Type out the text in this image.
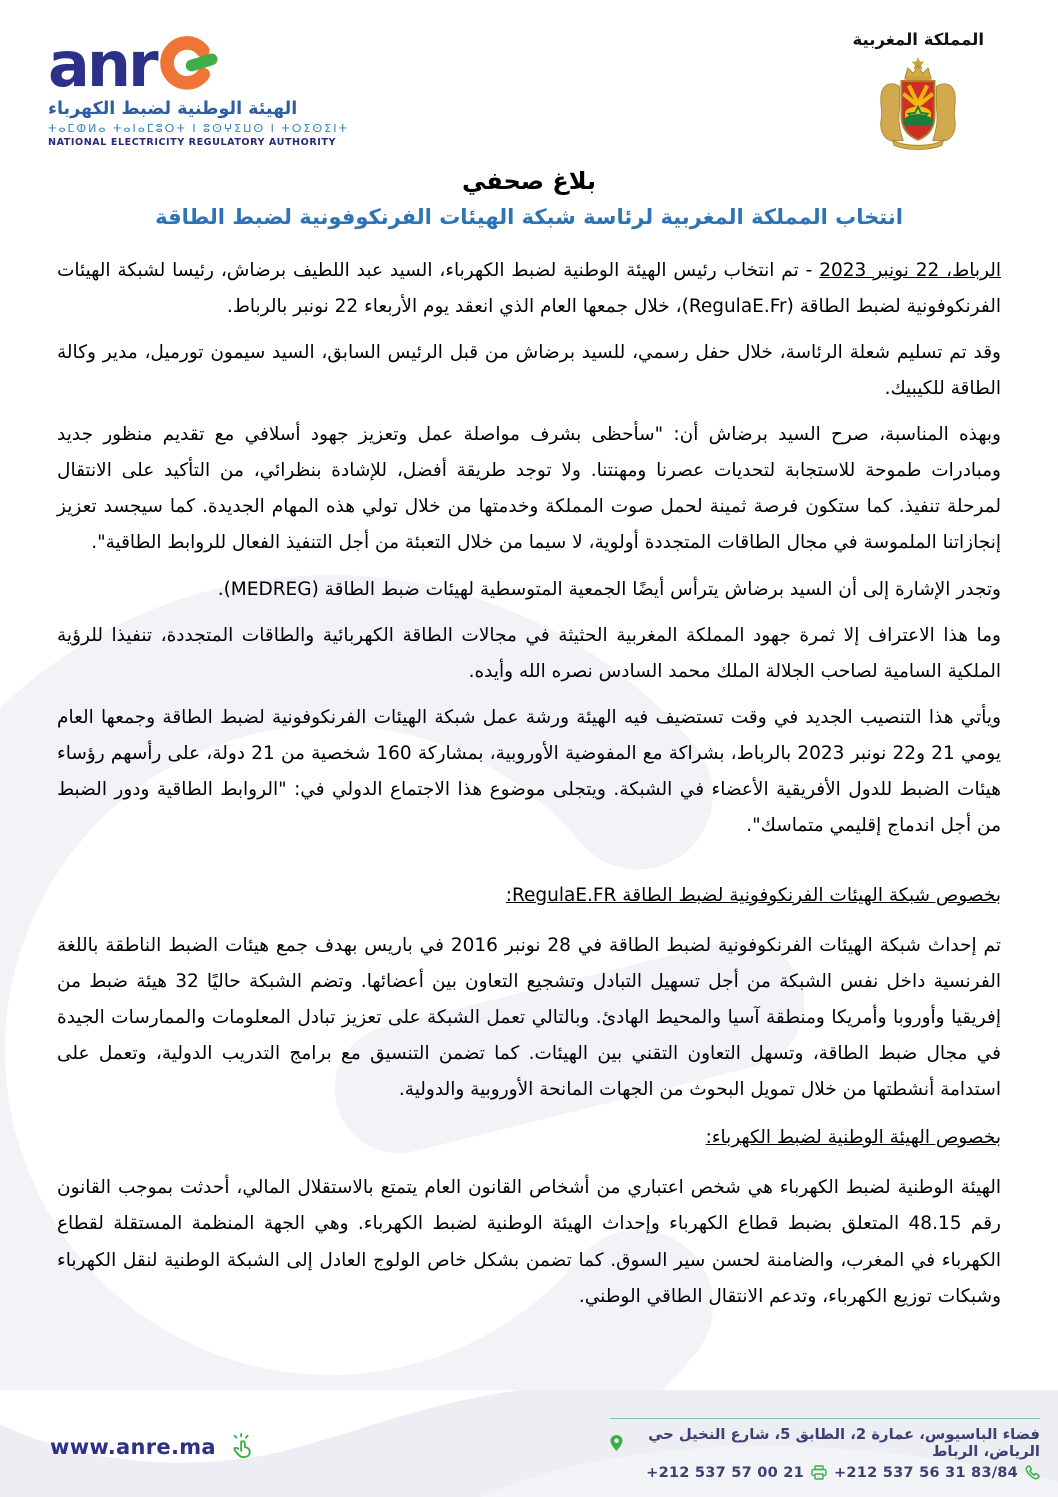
anr
الهيئة الوطنية لضبط الكهرباء
ⵜⴰⵎⵀⵍⴰ ⵜⴰⵏⴰⵎⵓⵔⵜ ⵏ ⵓⵙⵖⵉⵡⵙ ⵏ ⵜⵔⵉⵙⵉⵏⵜ
NATIONAL ELECTRICITY REGULATORY AUTHORITY
المملكة المغربية
بلاغ صحفي
انتخاب المملكة المغربية لرئاسة شبكة الهيئات الفرنكوفونية لضبط الطاقة

الرباط، 22 نونبر 2023 - تم انتخاب رئيس الهيئة الوطنية لضبط الكهرباء، السيد عبد اللطيف برضاش، رئيسا لشبكة الهيئات الفرنكوفونية لضبط الطاقة (RegulaE.Fr)، خلال جمعها العام الذي انعقد يوم الأربعاء 22 نونبر بالرباط.

وقد تم تسليم شعلة الرئاسة، خلال حفل رسمي، للسيد برضاش من قبل الرئيس السابق، السيد سيمون تورميل، مدير وكالة الطاقة للكيبيك.

وبهذه المناسبة، صرح السيد برضاش أن: "سأحظى بشرف مواصلة عمل وتعزيز جهود أسلافي مع تقديم منظور جديد ومبادرات طموحة للاستجابة لتحديات عصرنا ومهنتنا. ولا توجد طريقة أفضل، للإشادة بنظرائي، من التأكيد على الانتقال لمرحلة تنفيذ. كما ستكون فرصة ثمينة لحمل صوت المملكة وخدمتها من خلال تولي هذه المهام الجديدة. كما سيجسد تعزيز إنجازاتنا الملموسة في مجال الطاقات المتجددة أولوية، لا سيما من خلال التعبئة من أجل التنفيذ الفعال للروابط الطاقية".

وتجدر الإشارة إلى أن السيد برضاش يترأس أيضًا الجمعية المتوسطية لهيئات ضبط الطاقة (MEDREG).

وما هذا الاعتراف إلا ثمرة جهود المملكة المغربية الحثيثة في مجالات الطاقة الكهربائية والطاقات المتجددة، تنفيذا للرؤية الملكية السامية لصاحب الجلالة الملك محمد السادس نصره الله وأيده.

ويأتي هذا التنصيب الجديد في وقت تستضيف فيه الهيئة ورشة عمل شبكة الهيئات الفرنكوفونية لضبط الطاقة وجمعها العام يومي 21 و22 نونبر 2023 بالرباط، بشراكة مع المفوضية الأوروبية، بمشاركة 160 شخصية من 21 دولة، على رأسهم رؤساء هيئات الضبط للدول الأفريقية الأعضاء في الشبكة. ويتجلى موضوع هذا الاجتماع الدولي في: "الروابط الطاقية ودور الضبط من أجل اندماج إقليمي متماسك".

بخصوص شبكة الهيئات الفرنكوفونية لضبط الطاقة RegulaE.FR:

تم إحداث شبكة الهيئات الفرنكوفونية لضبط الطاقة في 28 نونبر 2016 في باريس بهدف جمع هيئات الضبط الناطقة باللغة الفرنسية داخل نفس الشبكة من أجل تسهيل التبادل وتشجيع التعاون بين أعضائها. وتضم الشبكة حاليًا 32 هيئة ضبط من إفريقيا وأوروبا وأمريكا ومنطقة آسيا والمحيط الهادئ. وبالتالي تعمل الشبكة على تعزيز تبادل المعلومات والممارسات الجيدة في مجال ضبط الطاقة، وتسهل التعاون التقني بين الهيئات. كما تضمن التنسيق مع برامج التدريب الدولية، وتعمل على استدامة أنشطتها من خلال تمويل البحوث من الجهات المانحة الأوروبية والدولية.

بخصوص الهيئة الوطنية لضبط الكهرباء:

الهيئة الوطنية لضبط الكهرباء هي شخص اعتباري من أشخاص القانون العام يتمتع بالاستقلال المالي، أحدثت بموجب القانون رقم 48.15 المتعلق بضبط قطاع الكهرباء وإحداث الهيئة الوطنية لضبط الكهرباء. وهي الجهة المنظمة المستقلة لقطاع الكهرباء في المغرب، والضامنة لحسن سير السوق. كما تضمن بشكل خاص الولوج العادل إلى الشبكة الوطنية لنقل الكهرباء وشبكات توزيع الكهرباء، وتدعم الانتقال الطاقي الوطني.

www.anre.ma
فضاء الباسيوس، عمارة 2، الطابق 5، شارع النخيل حي الرياض، الرباط
+212 537 56 31 83/84
+212 537 57 00 21
